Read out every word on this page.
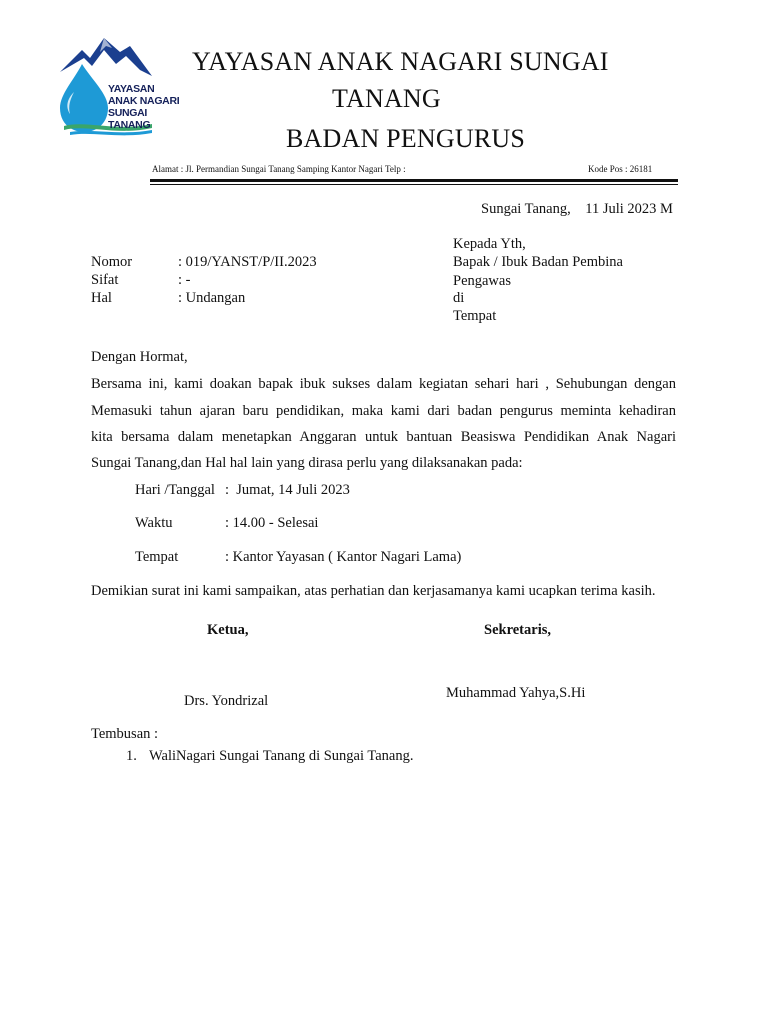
YAYASAN
ANAK NAGARI
SUNGAI TANANG
YAYASAN ANAK NAGARI SUNGAI
TANANG
BADAN PENGURUS
Alamat : Jl. Permandian Sungai Tanang Samping Kantor Nagari Telp :	Kode Pos : 26181
Sungai Tanang,    11 Juli 2023 M
Kepada Yth,
Bapak / Ibuk Badan Pembina
Pengawas
di
Tempat
Nomor	: 019/YANST/P/II.2023
Sifat	: -
Hal	: Undangan
Dengan Hormat,
Bersama ini, kami doakan bapak ibuk sukses dalam kegiatan sehari hari , Sehubungan dengan
Memasuki tahun ajaran baru pendidikan, maka kami dari badan pengurus meminta kehadiran
kita bersama dalam menetapkan Anggaran untuk bantuan Beasiswa Pendidikan Anak Nagari
Sungai Tanang,dan Hal hal lain yang dirasa perlu yang dilaksanakan pada:
Hari /Tanggal :  Jumat, 14 Juli 2023
Waktu	: 14.00 - Selesai
Tempat	: Kantor Yayasan ( Kantor Nagari Lama)
Demikian surat ini kami sampaikan, atas perhatian dan kerjasamanya kami ucapkan terima kasih.
Ketua,	Sekretaris,
Drs. Yondrizal	Muhammad Yahya,S.Hi
Tembusan :
1. WaliNagari Sungai Tanang di Sungai Tanang.
